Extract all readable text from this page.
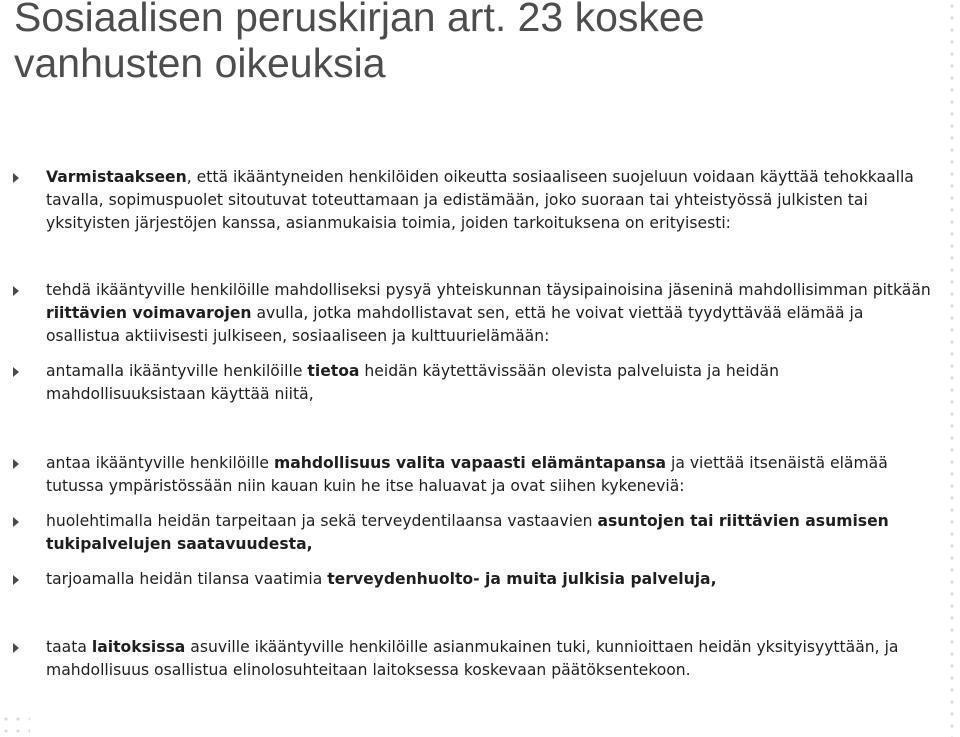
Sosiaalisen peruskirjan art. 23 koskee
vanhusten oikeuksia
Varmistaakseen, että ikääntyneiden henkilöiden oikeutta sosiaaliseen suojeluun voidaan käyttää tehokkaalla tavalla, sopimuspuolet sitoutuvat toteuttamaan ja edistämään, joko suoraan tai yhteistyössä julkisten tai yksityisten järjestöjen kanssa, asianmukaisia toimia, joiden tarkoituksena on erityisesti:
tehdä ikääntyville henkilöille mahdolliseksi pysyä yhteiskunnan täysipainoisina jäseninä mahdollisimman pitkään riittävien voimavarojen avulla, jotka mahdollistavat sen, että he voivat viettää tyydyttävää elämää ja osallistua aktiivisesti julkiseen, sosiaaliseen ja kulttuurielämään:
antamalla ikääntyville henkilöille tietoa heidän käytettävissään olevista palveluista ja heidän mahdollisuuksistaan käyttää niitä,
antaa ikääntyville henkilöille mahdollisuus valita vapaasti elämäntapansa ja viettää itsenäistä elämää tutussa ympäristössään niin kauan kuin he itse haluavat ja ovat siihen kykeneviä:
huolehtimalla heidän tarpeitaan ja sekä terveydentilaansa vastaavien asuntojen tai riittävien asumisen tukipalvelujen saatavuudesta,
tarjoamalla heidän tilansa vaatimia terveydenhuolto- ja muita julkisia palveluja,
taata laitoksissa asuville ikääntyville henkilöille asianmukainen tuki, kunnioittaen heidän yksityisyyttään, ja mahdollisuus osallistua elinolosuhteitaan laitoksessa koskevaan päätöksentekoon.
